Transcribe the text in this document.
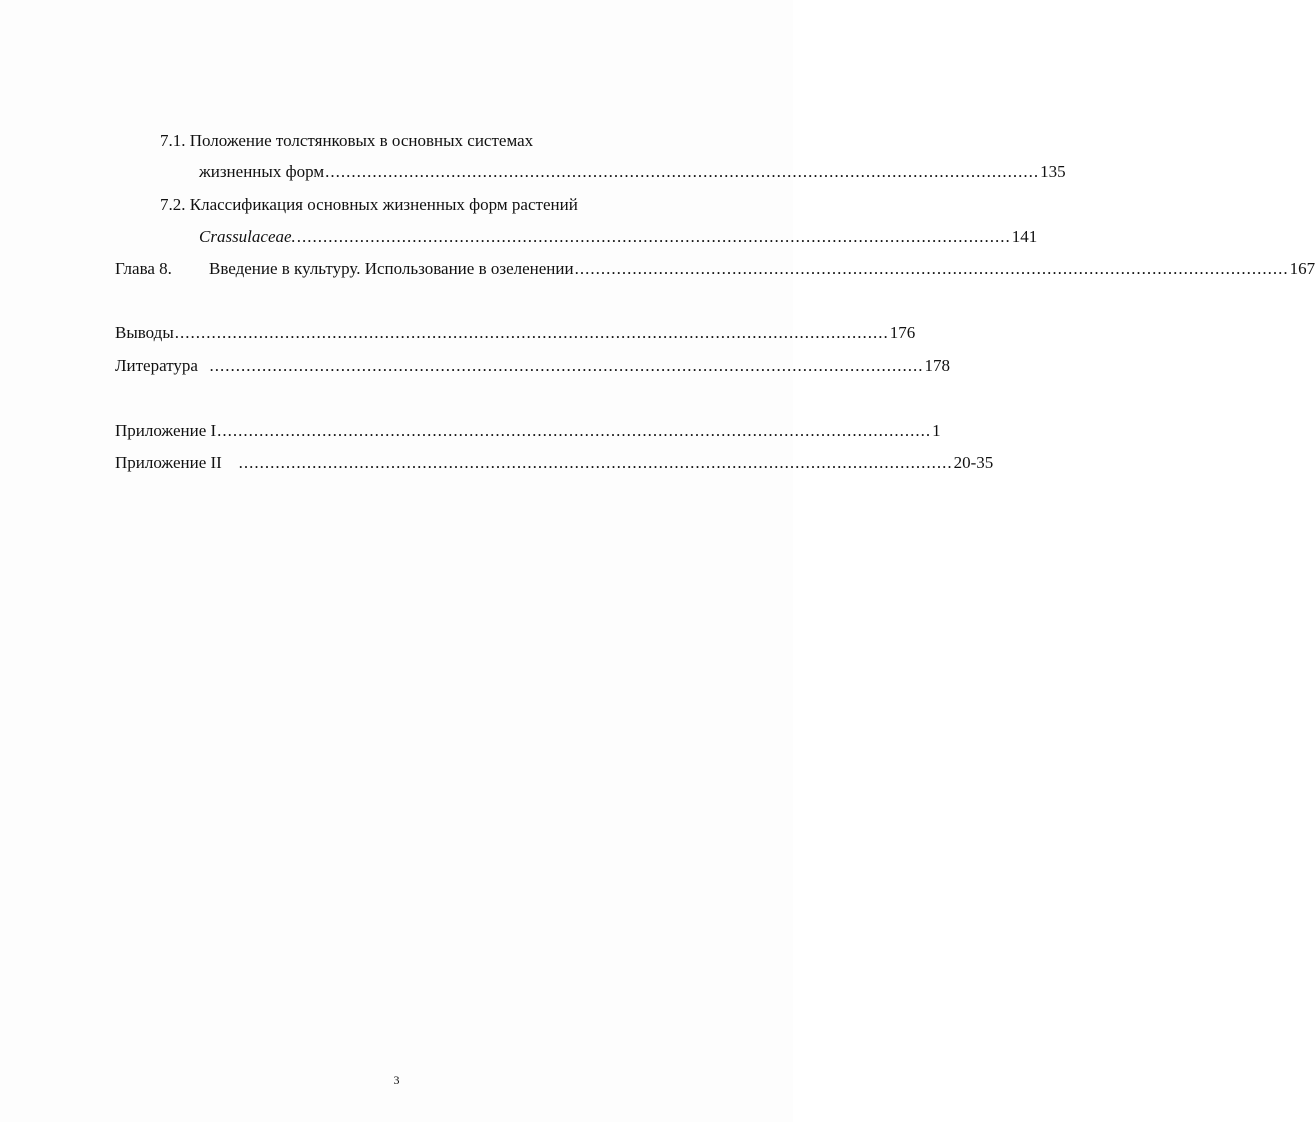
7.1. Положение толстянковых в основных системах
жизненных форм ........................................................................................................................................ 135
7.2. Классификация основных жизненных форм растений
Crassulaceae. ........................................................................................................................................ 141
Глава 8. Введение в культуру. Использование в озеленении ........................................................................................................................................ 167
Выводы ........................................................................................................................................ 176
Литература ........................................................................................................................................ 178
Приложение I ........................................................................................................................................ 1
Приложение II ........................................................................................................................................ 20-35
3
